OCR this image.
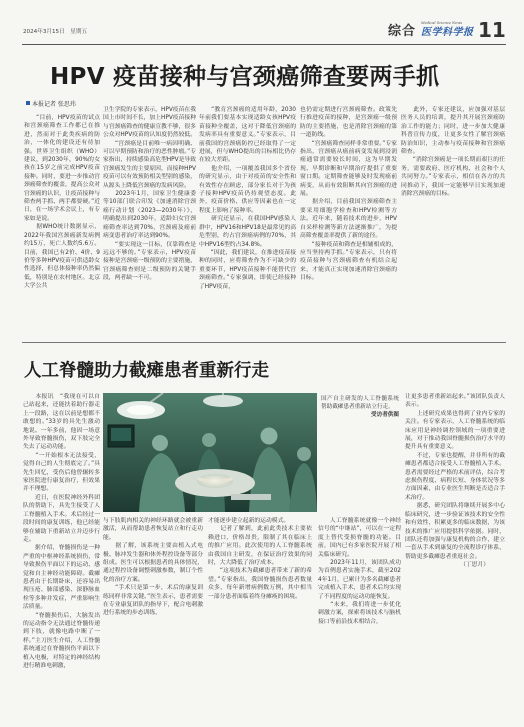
2024年3月15日　星期五	综合
Medical Science News
医学科学报 11
HPV 疫苗接种与宫颈癌筛查要两手抓
本报记者 张思玮
　　“目前，HPV疫苗的试点和宫颈癌筛查工作都已在推进，然而对于此类疾病的防治，一体化的建设还有待加强。世界卫生组织（WHO）建议，到2030年，90%的女孩在15岁之前完成HPV疫苗接种。同时，要进一步推动宫颈癌筛查的覆盖，提高公众对宫颈癌的认识，让疫苗接种与筛查两手抓、两手都要硬。”近日，在一场学术会议上，有专家如是说。
　　据WHO统计数据显示，2022年我国宫颈癌新发病例约15万，死亡人数约5.6万。目前，我国已有2价、4价、9价等多种HPV疫苗可供适龄女性选择，但总体接种率仍然偏低，特别是在农村地区。北京大学公共
卫生学院的专家表示，HPV疫苗在我国上市时间不长，加上HPV疫苗接种与宫颈癌筛查的健康宣教不够，很多公众对HPV疫苗的认知度仍然较低。
　　“宫颈癌是目前唯一病因明确、可以早期预防和治疗的恶性肿瘤。”专家指出，持续感染高危型HPV是导致宫颈癌发生的主要原因，而接种HPV疫苗可以有效预防相关型别的感染，从源头上降低宫颈癌的发病风险。
　　2023年1月，国家卫生健康委等10部门联合印发《加速消除宫颈癌行动计划（2023—2030年）》，明确提出到2030年，适龄妇女宫颈癌筛查率达到70%，宫颈癌及癌前病变患者治疗率达到90%。
　　“要实现这一目标，仅靠筛查是远远不够的。”专家表示，HPV疫苗接种是宫颈癌一级预防的主要措施，宫颈癌筛查则是二级预防的关键手段，两者缺一不可。
　　“教育宫颈癌的适用年龄，2030年前我们要基本实现适龄女孩HPV疫苗接种全覆盖，这对于降低宫颈癌的发病率具有重要意义。”专家表示，目前我国的宫颈癌防控已经取得了一定进展，但与WHO提出的目标相比仍存在较大差距。
　　他介绍，一项覆盖我国多个省份的研究显示，由于对疫苗的安全性和有效性存在顾虑，部分家长对于为孩子接种HPV疫苗仍持观望态度。此外，疫苗价格、供应等因素也在一定程度上影响了接种率。
　　研究还显示，在我国HPV感染人群中，HPV16和HPV18是最常见的高危型别，约占宫颈癌病例的70%，其中HPV16型约占34.8%。
　　“因此，我们建议，在推进疫苗接种的同时，应将筛查作为不可缺少的重要环节，HPV疫苗接种不能替代宫颈癌筛查。”专家强调，即使已经接种了HPV疫苗，
也仍需定期进行宫颈癌筛查。政策先行推进疫苗的接种，是宫颈癌一级预防的主要措施，也是消除宫颈癌的第一道防线。
　　“宫颈癌筛查同样非常重要。”专家指出，宫颈癌从癌前病变发展到浸润癌通常需要较长时间，这为早期发现、早期诊断和早期治疗提供了重要窗口期。定期筛查能够及时发现癌前病变，从而有效阻断其向宫颈癌的进展。
　　据介绍，目前我国宫颈癌筛查主要采用细胞学检查和HPV检测等方法。近年来，随着技术的进步，HPV自采样检测等新方法逐渐推广，为提高筛查覆盖率提供了新的途径。
　　“接种疫苗和筛查是相辅相成的，应当坚持两手抓。”专家表示，只有将疫苗接种与宫颈癌筛查有机结合起来，才能真正实现加速消除宫颈癌的目标。
　　此外，专家还建议，应加强对基层医务人员的培训，提升其开展宫颈癌防治工作的能力；同时，进一步加大健康科普宣传力度，让更多女性了解宫颈癌防治知识，主动参与疫苗接种和宫颈癌筛查。
　　“消除宫颈癌是一项长期而艰巨的任务，需要政府、医疗机构、社会和个人共同努力。”专家表示，相信在各方的共同推动下，我国一定能够早日实现加速消除宫颈癌的目标。
人工脊髓助力截瘫患者重新行走
　　本报讯　“我现在可以自己站起来，还能扶着助行器走上一段路，这在以前是想都不敢想的。”33岁的具先生激动地说。一年多前，他因一场意外导致脊髓损伤，双下肢完全失去了运动功能。
　　“一开始根本无法接受，觉得自己的人生彻底完了。”具先生回忆，受伤后他曾辗转多家医院进行康复治疗，但效果并不理想。
　　近日，在医院神经外科团队的帮助下，具先生接受了人工脊髓植入手术。术后经过一段时间的康复训练，他已经能够在辅助下重新站立并迈步行走。
　　据介绍，脊髓损伤是一种严重的中枢神经系统损伤，常导致损伤平面以下的运动、感觉和自主神经功能障碍。截瘫患者由于长期卧床，还容易出现压疮、肺部感染、深静脉血栓等多种并发症，严重影响生活质量。
　　“脊髓损伤后，大脑发出的运动指令无法通过脊髓传递到下肢，就像电路中断了一样。”主刀医生介绍，人工脊髓系统通过在脊髓损伤平面以下植入电极，对特定的神经结构进行精准电刺激，
国产自主研发的人工脊髓系统帮助截瘫患者重新站立行走。
受访者供图
与下肢肌肉相关的神经环路就会被重新激活，从而帮助患者恢复站立和行走功能。
　　据了解，该系统主要由植入式电极、脉冲发生器和体外程控设备等部分组成。医生可以根据患者的具体情况，通过程控设备调整刺激参数，制订个性化的治疗方案。
　　“手术只是第一步，术后的康复训练同样非常关键。”医生表示，患者需要在专业康复团队的指导下，配合电刺激进行系统的步态训练，
才能逐步建立起新的运动模式。
　　记者了解到，此前此类技术主要依赖进口，价格昂贵，限制了其在临床上的推广应用。此次使用的人工脊髓系统由我国自主研发，在保证治疗效果的同时，大大降低了治疗成本。
　　“这项技术为截瘫患者带来了新的希望。”专家指出，我国脊髓损伤患者数量众多，每年新增病例数万例，其中相当一部分患者面临着终身瘫痪的困境。
　　人工脊髓系统就像一个神经信号的“中继站”，可以在一定程度上替代受损脊髓的功能。目前，国内已有多家医院开展了相关临床研究。
　　2023年11月，该团队成功为首例患者实施手术，截至2024年1月，已累计为多名截瘫患者完成植入手术，患者术后均实现了不同程度的运动功能恢复。
　　“未来，我们将进一步优化刺激方案，探索将该技术与脑机接口等前沿技术相结合，
让更多患者重新站起来。”该团队负责人表示。
　　上述研究成果也得到了业内专家的关注。有专家表示，人工脊髓系统的临床应用是神经调控领域的一项重要进展，对于推动我国脊髓损伤治疗水平的提升具有重要意义。
　　不过，专家也提醒，并非所有的截瘫患者都适合接受人工脊髓植入手术。患者需要经过严格的术前评估，综合考虑损伤程度、病程长短、身体状况等多方面因素，由专业医生判断是否适合手术治疗。
　　据悉，研究团队将继续开展多中心临床研究，进一步验证该技术的安全性和有效性，积累更多的临床数据，为该技术的推广应用提供科学依据。同时，团队还将加强与康复机构的合作，建立一套从手术到康复的全流程诊疗体系，帮助更多截瘫患者重返社会。
　　　　　　　　　　（丁思月）
